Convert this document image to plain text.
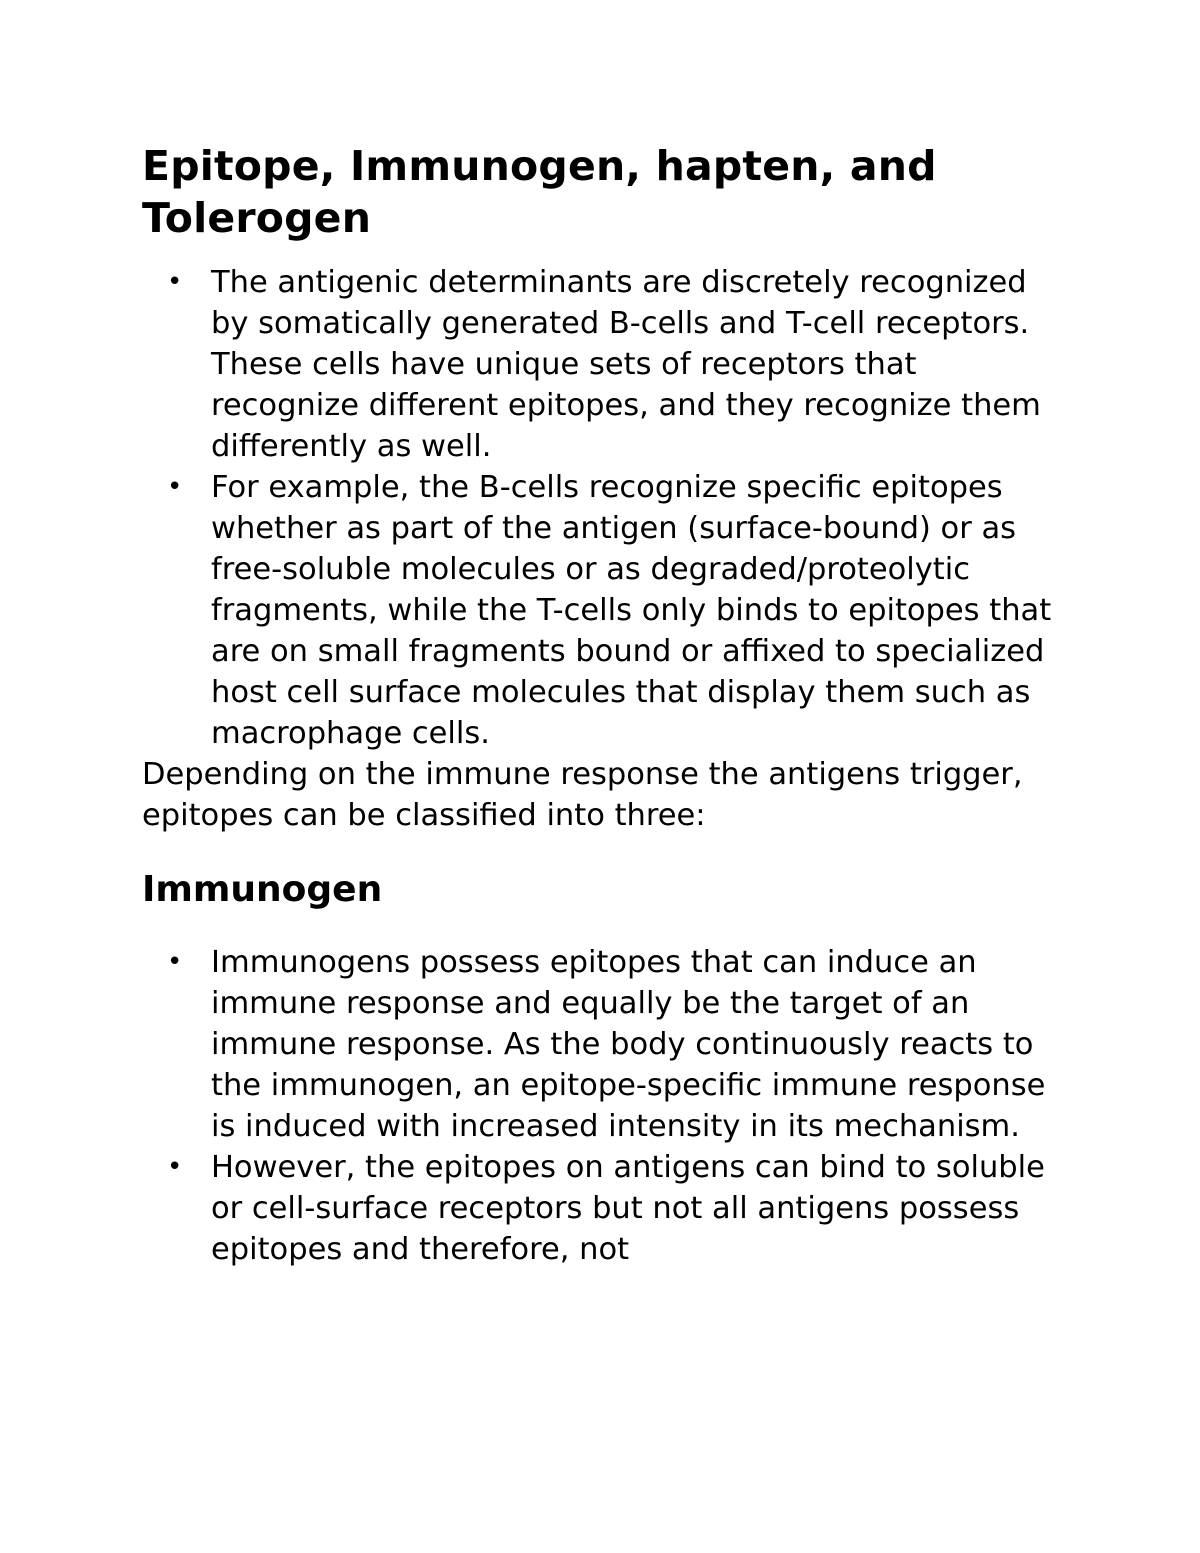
Epitope, Immunogen, hapten, and Tolerogen
• The antigenic determinants are discretely recognized by somatically generated B-cells and T-cell receptors. These cells have unique sets of receptors that recognize different epitopes, and they recognize them differently as well.
• For example, the B-cells recognize specific epitopes whether as part of the antigen (surface-bound) or as free-soluble molecules or as degraded/proteolytic fragments, while the T-cells only binds to epitopes that are on small fragments bound or affixed to specialized host cell surface molecules that display them such as macrophage cells.

Depending on the immune response the antigens trigger, epitopes can be classified into three:

Immunogen
• Immunogens possess epitopes that can induce an immune response and equally be the target of an immune response. As the body continuously reacts to the immunogen, an epitope-specific immune response is induced with increased intensity in its mechanism.
• However, the epitopes on antigens can bind to soluble or cell-surface receptors but not all antigens possess epitopes and therefore, not
